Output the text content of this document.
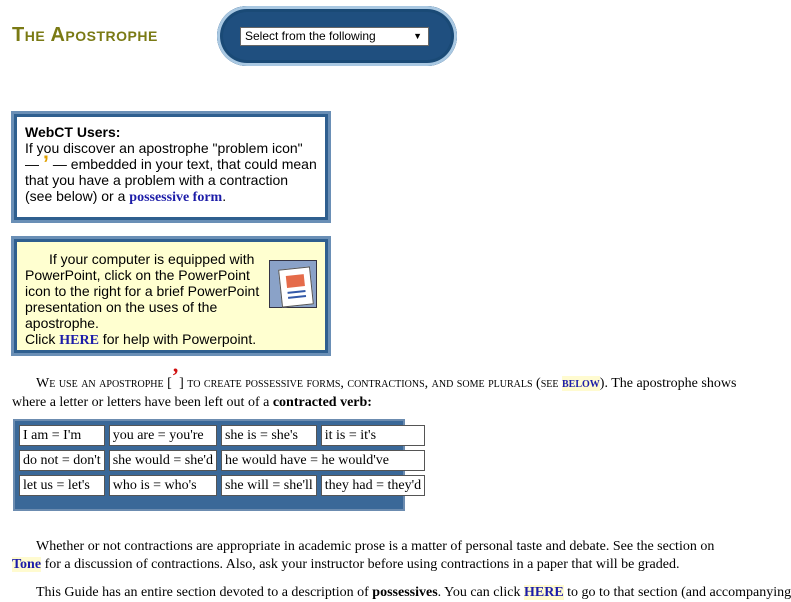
The Apostrophe	Select from the following	▼
WebCT Users:
If you discover an apostrophe "problem icon" — ’ — embedded in your text, that could mean that you have a problem with a contraction (see below) or a possessive form.
If your computer is equipped with PowerPoint, click on the PowerPoint icon to the right for a brief PowerPoint presentation on the uses of the apostrophe.
Click HERE for help with Powerpoint.
We use an apostrophe [’] to create possessive forms, contractions, and some plurals (see below). The apostrophe shows where a letter or letters have been left out of a contracted verb:
I am = I'm	you are = you're	she is = she's	it is = it's
do not = don't	she would = she'd	he would have = he would've	
let us = let's	who is = who's	she will = she'll	they had = they'd
Whether or not contractions are appropriate in academic prose is a matter of personal taste and debate. See the section on Tone for a discussion of contractions. Also, ask your instructor before using contractions in a paper that will be graded.
This Guide has an entire section devoted to a description of possessives. You can click HERE to go to that section (and accompanying
